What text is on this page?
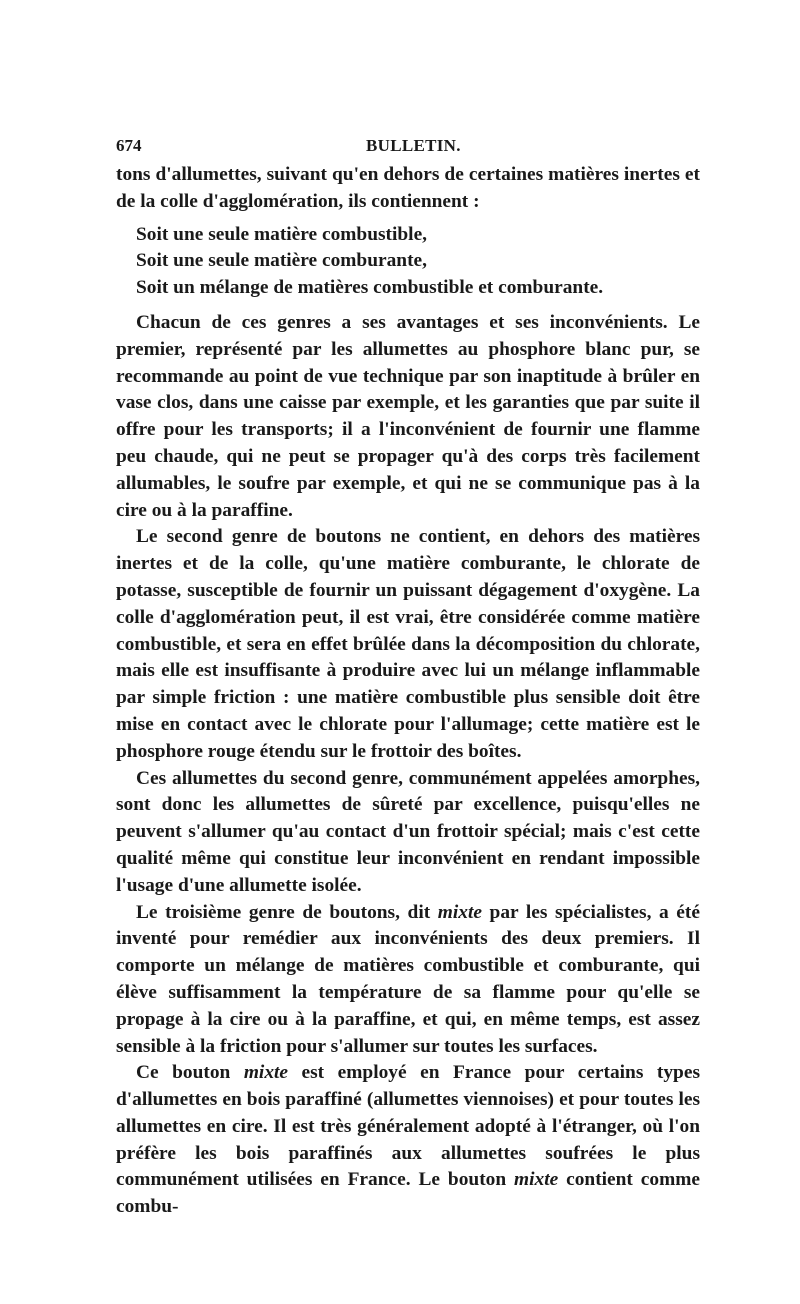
674	BULLETIN.

tons d'allumettes, suivant qu'en dehors de certaines matières inertes et de la colle d'agglomération, ils contiennent :

Soit une seule matière combustible,
Soit une seule matière comburante,
Soit un mélange de matières combustible et comburante.

Chacun de ces genres a ses avantages et ses inconvénients. Le premier, représenté par les allumettes au phosphore blanc pur, se recommande au point de vue technique par son inaptitude à brûler en vase clos, dans une caisse par exemple, et les garanties que par suite il offre pour les transports; il a l'inconvénient de fournir une flamme peu chaude, qui ne peut se propager qu'à des corps très facilement allumables, le soufre par exemple, et qui ne se communique pas à la cire ou à la paraffine.

Le second genre de boutons ne contient, en dehors des matières inertes et de la colle, qu'une matière comburante, le chlorate de potasse, susceptible de fournir un puissant dégagement d'oxygène. La colle d'agglomération peut, il est vrai, être considérée comme matière combustible, et sera en effet brûlée dans la décomposition du chlorate, mais elle est insuffisante à produire avec lui un mélange inflammable par simple friction : une matière combustible plus sensible doit être mise en contact avec le chlorate pour l'allumage; cette matière est le phosphore rouge étendu sur le frottoir des boîtes.

Ces allumettes du second genre, communément appelées amorphes, sont donc les allumettes de sûreté par excellence, puisqu'elles ne peuvent s'allumer qu'au contact d'un frottoir spécial; mais c'est cette qualité même qui constitue leur inconvénient en rendant impossible l'usage d'une allumette isolée.

Le troisième genre de boutons, dit mixte par les spécialistes, a été inventé pour remédier aux inconvénients des deux premiers. Il comporte un mélange de matières combustible et comburante, qui élève suffisamment la température de sa flamme pour qu'elle se propage à la cire ou à la paraffine, et qui, en même temps, est assez sensible à la friction pour s'allumer sur toutes les surfaces.

Ce bouton mixte est employé en France pour certains types d'allumettes en bois paraffiné (allumettes viennoises) et pour toutes les allumettes en cire. Il est très généralement adopté à l'étranger, où l'on préfère les bois paraffinés aux allumettes soufrées le plus communément utilisées en France. Le bouton mixte contient comme combu-
